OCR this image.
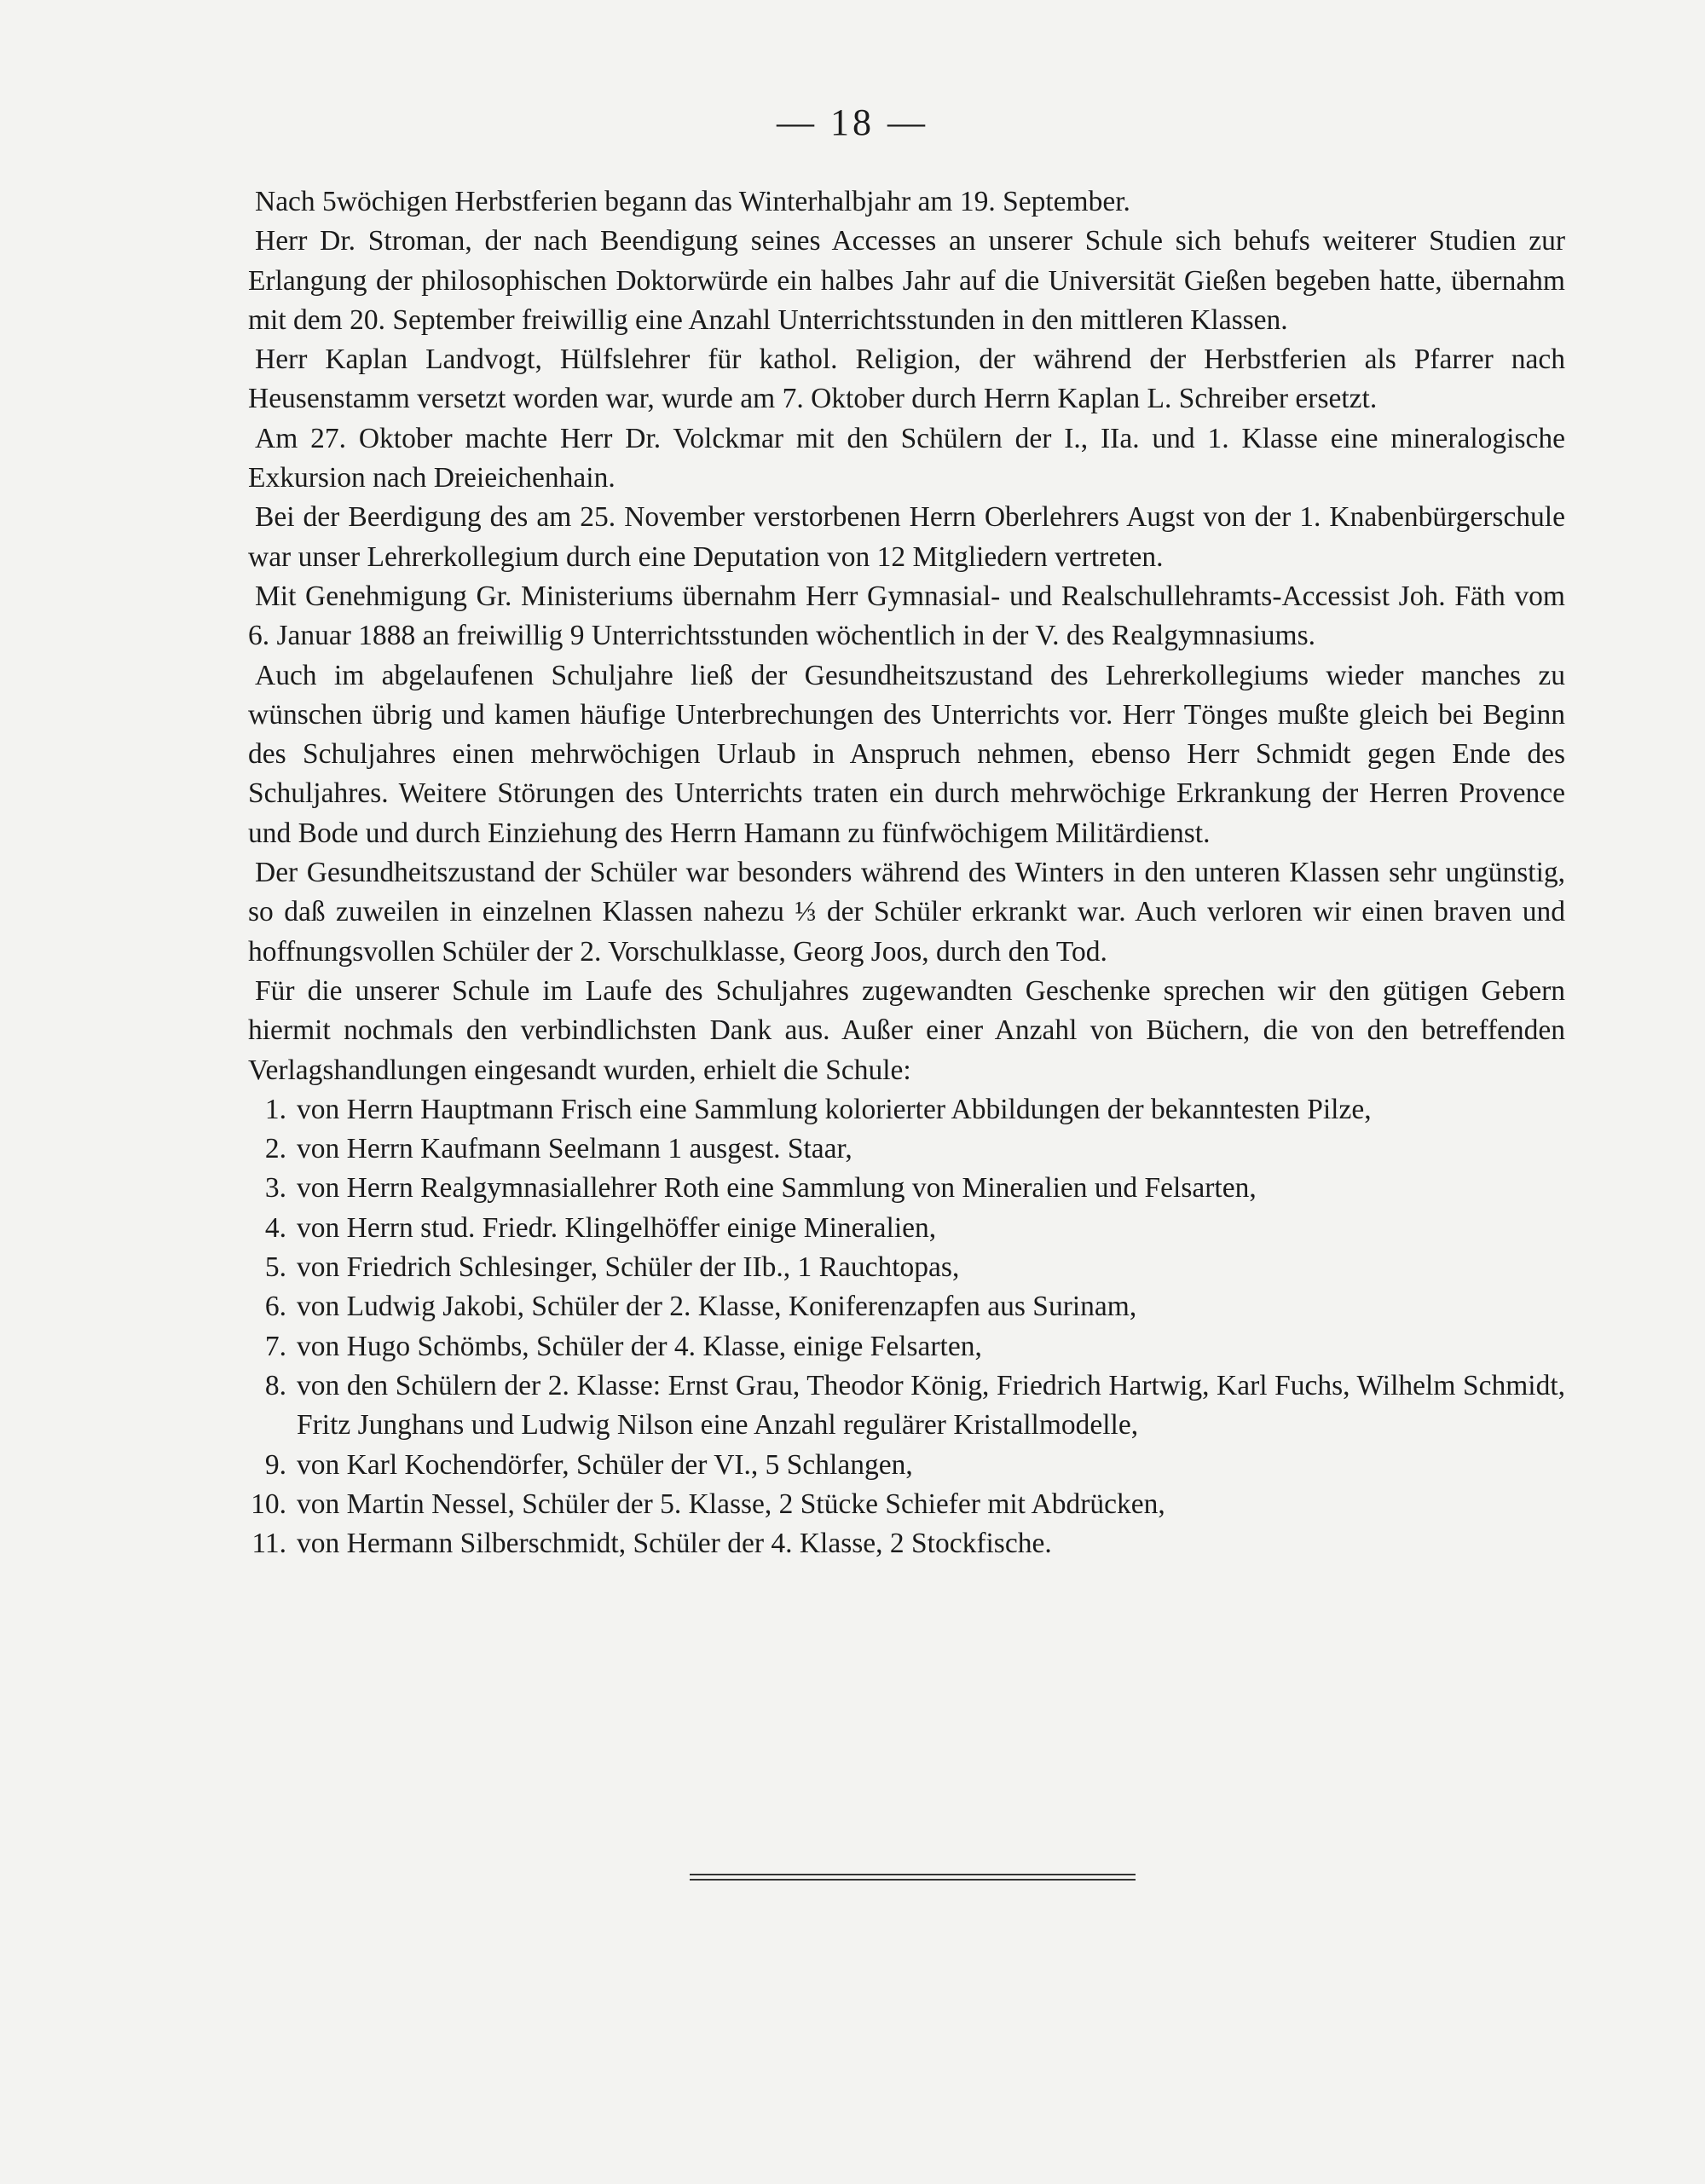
— 18 —

Nach 5wöchigen Herbstferien begann das Winterhalbjahr am 19. September.

Herr Dr. Stroman, der nach Beendigung seines Accesses an unserer Schule sich behufs weiterer Studien zur Erlangung der philosophischen Doktorwürde ein halbes Jahr auf die Universität Gießen begeben hatte, übernahm mit dem 20. September freiwillig eine Anzahl Unterrichtsstunden in den mittleren Klassen.

Herr Kaplan Landvogt, Hülfslehrer für kathol. Religion, der während der Herbstferien als Pfarrer nach Heusenstamm versetzt worden war, wurde am 7. Oktober durch Herrn Kaplan L. Schreiber ersetzt.

Am 27. Oktober machte Herr Dr. Volckmar mit den Schülern der I., IIa. und 1. Klasse eine mineralogische Exkursion nach Dreieichenhain.

Bei der Beerdigung des am 25. November verstorbenen Herrn Oberlehrers Augst von der 1. Knabenbürgerschule war unser Lehrerkollegium durch eine Deputation von 12 Mitgliedern vertreten.

Mit Genehmigung Gr. Ministeriums übernahm Herr Gymnasial- und Realschullehramts-Accessist Joh. Fäth vom 6. Januar 1888 an freiwillig 9 Unterrichtsstunden wöchentlich in der V. des Realgymnasiums.

Auch im abgelaufenen Schuljahre ließ der Gesundheitszustand des Lehrerkollegiums wieder manches zu wünschen übrig und kamen häufige Unterbrechungen des Unterrichts vor. Herr Tönges mußte gleich bei Beginn des Schuljahres einen mehrwöchigen Urlaub in Anspruch nehmen, ebenso Herr Schmidt gegen Ende des Schuljahres. Weitere Störungen des Unterrichts traten ein durch mehrwöchige Erkrankung der Herren Provence und Bode und durch Einziehung des Herrn Hamann zu fünfwöchigem Militärdienst.

Der Gesundheitszustand der Schüler war besonders während des Winters in den unteren Klassen sehr ungünstig, so daß zuweilen in einzelnen Klassen nahezu ⅓ der Schüler erkrankt war. Auch verloren wir einen braven und hoffnungsvollen Schüler der 2. Vorschulklasse, Georg Joos, durch den Tod.

Für die unserer Schule im Laufe des Schuljahres zugewandten Geschenke sprechen wir den gütigen Gebern hiermit nochmals den verbindlichsten Dank aus. Außer einer Anzahl von Büchern, die von den betreffenden Verlagshandlungen eingesandt wurden, erhielt die Schule:

1. von Herrn Hauptmann Frisch eine Sammlung kolorierter Abbildungen der bekanntesten Pilze,
2. von Herrn Kaufmann Seelmann 1 ausgest. Staar,
3. von Herrn Realgymnasiallehrer Roth eine Sammlung von Mineralien und Felsarten,
4. von Herrn stud. Friedr. Klingelhöffer einige Mineralien,
5. von Friedrich Schlesinger, Schüler der IIb., 1 Rauchtopas,
6. von Ludwig Jakobi, Schüler der 2. Klasse, Koniferenzapfen aus Surinam,
7. von Hugo Schömbs, Schüler der 4. Klasse, einige Felsarten,
8. von den Schülern der 2. Klasse: Ernst Grau, Theodor König, Friedrich Hartwig, Karl Fuchs, Wilhelm Schmidt, Fritz Junghans und Ludwig Nilson eine Anzahl regulärer Kristallmodelle,
9. von Karl Kochendörfer, Schüler der VI., 5 Schlangen,
10. von Martin Nessel, Schüler der 5. Klasse, 2 Stücke Schiefer mit Abdrücken,
11. von Hermann Silberschmidt, Schüler der 4. Klasse, 2 Stockfische.
